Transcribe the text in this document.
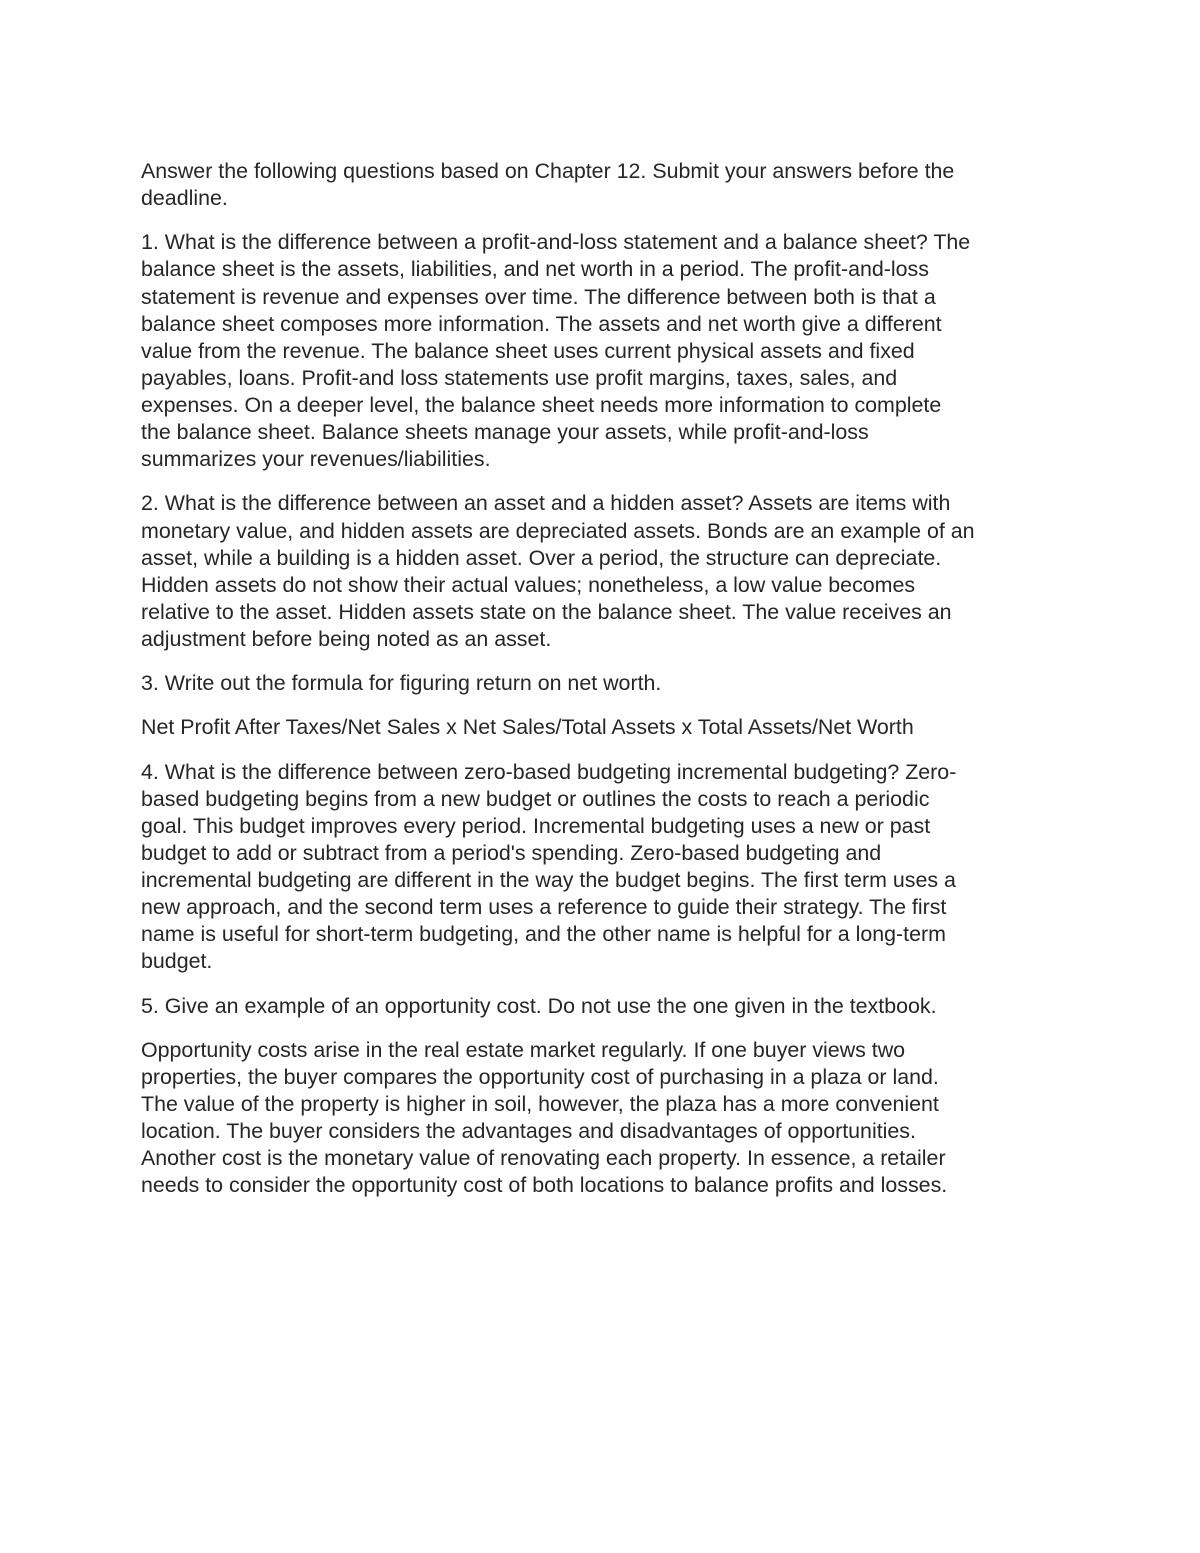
Answer the following questions based on Chapter 12. Submit your answers before the
deadline.

1. What is the difference between a profit-and-loss statement and a balance sheet? The
balance sheet is the assets, liabilities, and net worth in a period. The profit-and-loss
statement is revenue and expenses over time. The difference between both is that a
balance sheet composes more information. The assets and net worth give a different
value from the revenue. The balance sheet uses current physical assets and fixed
payables, loans. Profit-and loss statements use profit margins, taxes, sales, and
expenses. On a deeper level, the balance sheet needs more information to complete
the balance sheet. Balance sheets manage your assets, while profit-and-loss
summarizes your revenues/liabilities.

2. What is the difference between an asset and a hidden asset? Assets are items with
monetary value, and hidden assets are depreciated assets. Bonds are an example of an
asset, while a building is a hidden asset. Over a period, the structure can depreciate.
Hidden assets do not show their actual values; nonetheless, a low value becomes
relative to the asset. Hidden assets state on the balance sheet. The value receives an
adjustment before being noted as an asset.

3. Write out the formula for figuring return on net worth.

Net Profit After Taxes/Net Sales x Net Sales/Total Assets x Total Assets/Net Worth

4. What is the difference between zero-based budgeting incremental budgeting? Zero-
based budgeting begins from a new budget or outlines the costs to reach a periodic
goal. This budget improves every period. Incremental budgeting uses a new or past
budget to add or subtract from a period's spending. Zero-based budgeting and
incremental budgeting are different in the way the budget begins. The first term uses a
new approach, and the second term uses a reference to guide their strategy. The first
name is useful for short-term budgeting, and the other name is helpful for a long-term
budget.

5. Give an example of an opportunity cost. Do not use the one given in the textbook.

Opportunity costs arise in the real estate market regularly. If one buyer views two
properties, the buyer compares the opportunity cost of purchasing in a plaza or land.
The value of the property is higher in soil, however, the plaza has a more convenient
location. The buyer considers the advantages and disadvantages of opportunities.
Another cost is the monetary value of renovating each property. In essence, a retailer
needs to consider the opportunity cost of both locations to balance profits and losses.
